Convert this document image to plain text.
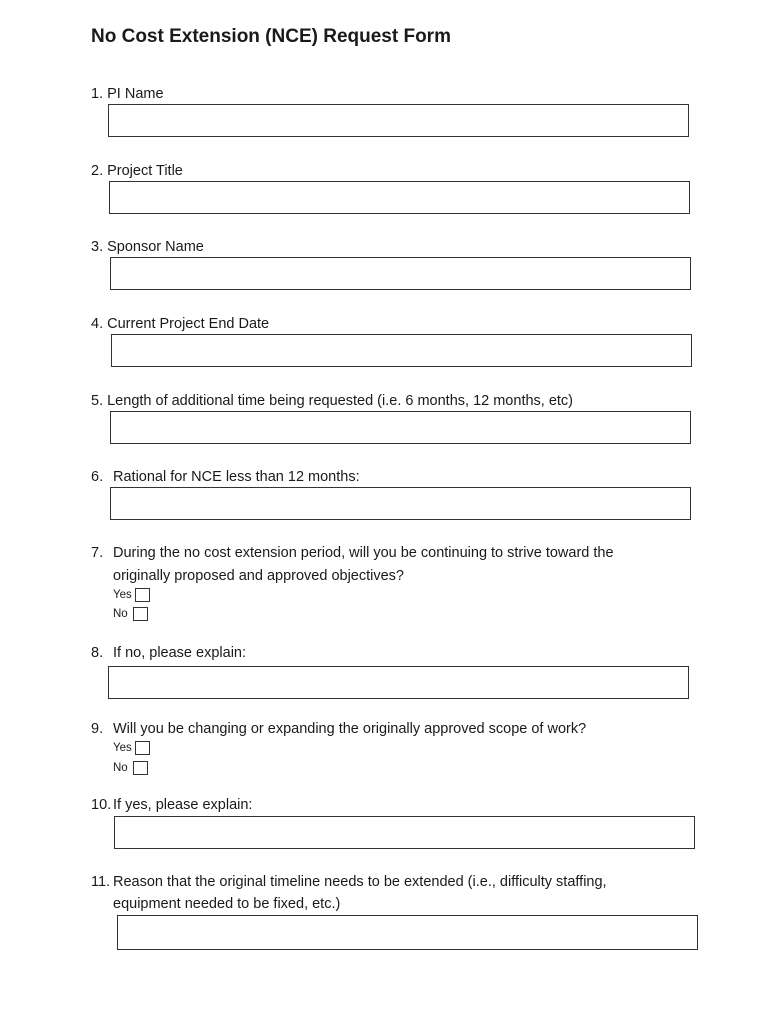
No Cost Extension (NCE) Request Form
1. PI Name
2. Project Title
3. Sponsor Name
4. Current Project End Date
5. Length of additional time being requested (i.e. 6 months, 12 months, etc)
6. Rational for NCE less than 12 months:
7. During the no cost extension period, will you be continuing to strive toward the
originally proposed and approved objectives?
Yes
No
8. If no, please explain:
9. Will you be changing or expanding the originally approved scope of work?
Yes
No
10. If yes, please explain:
11. Reason that the original timeline needs to be extended (i.e., difficulty staffing,
equipment needed to be fixed, etc.)
